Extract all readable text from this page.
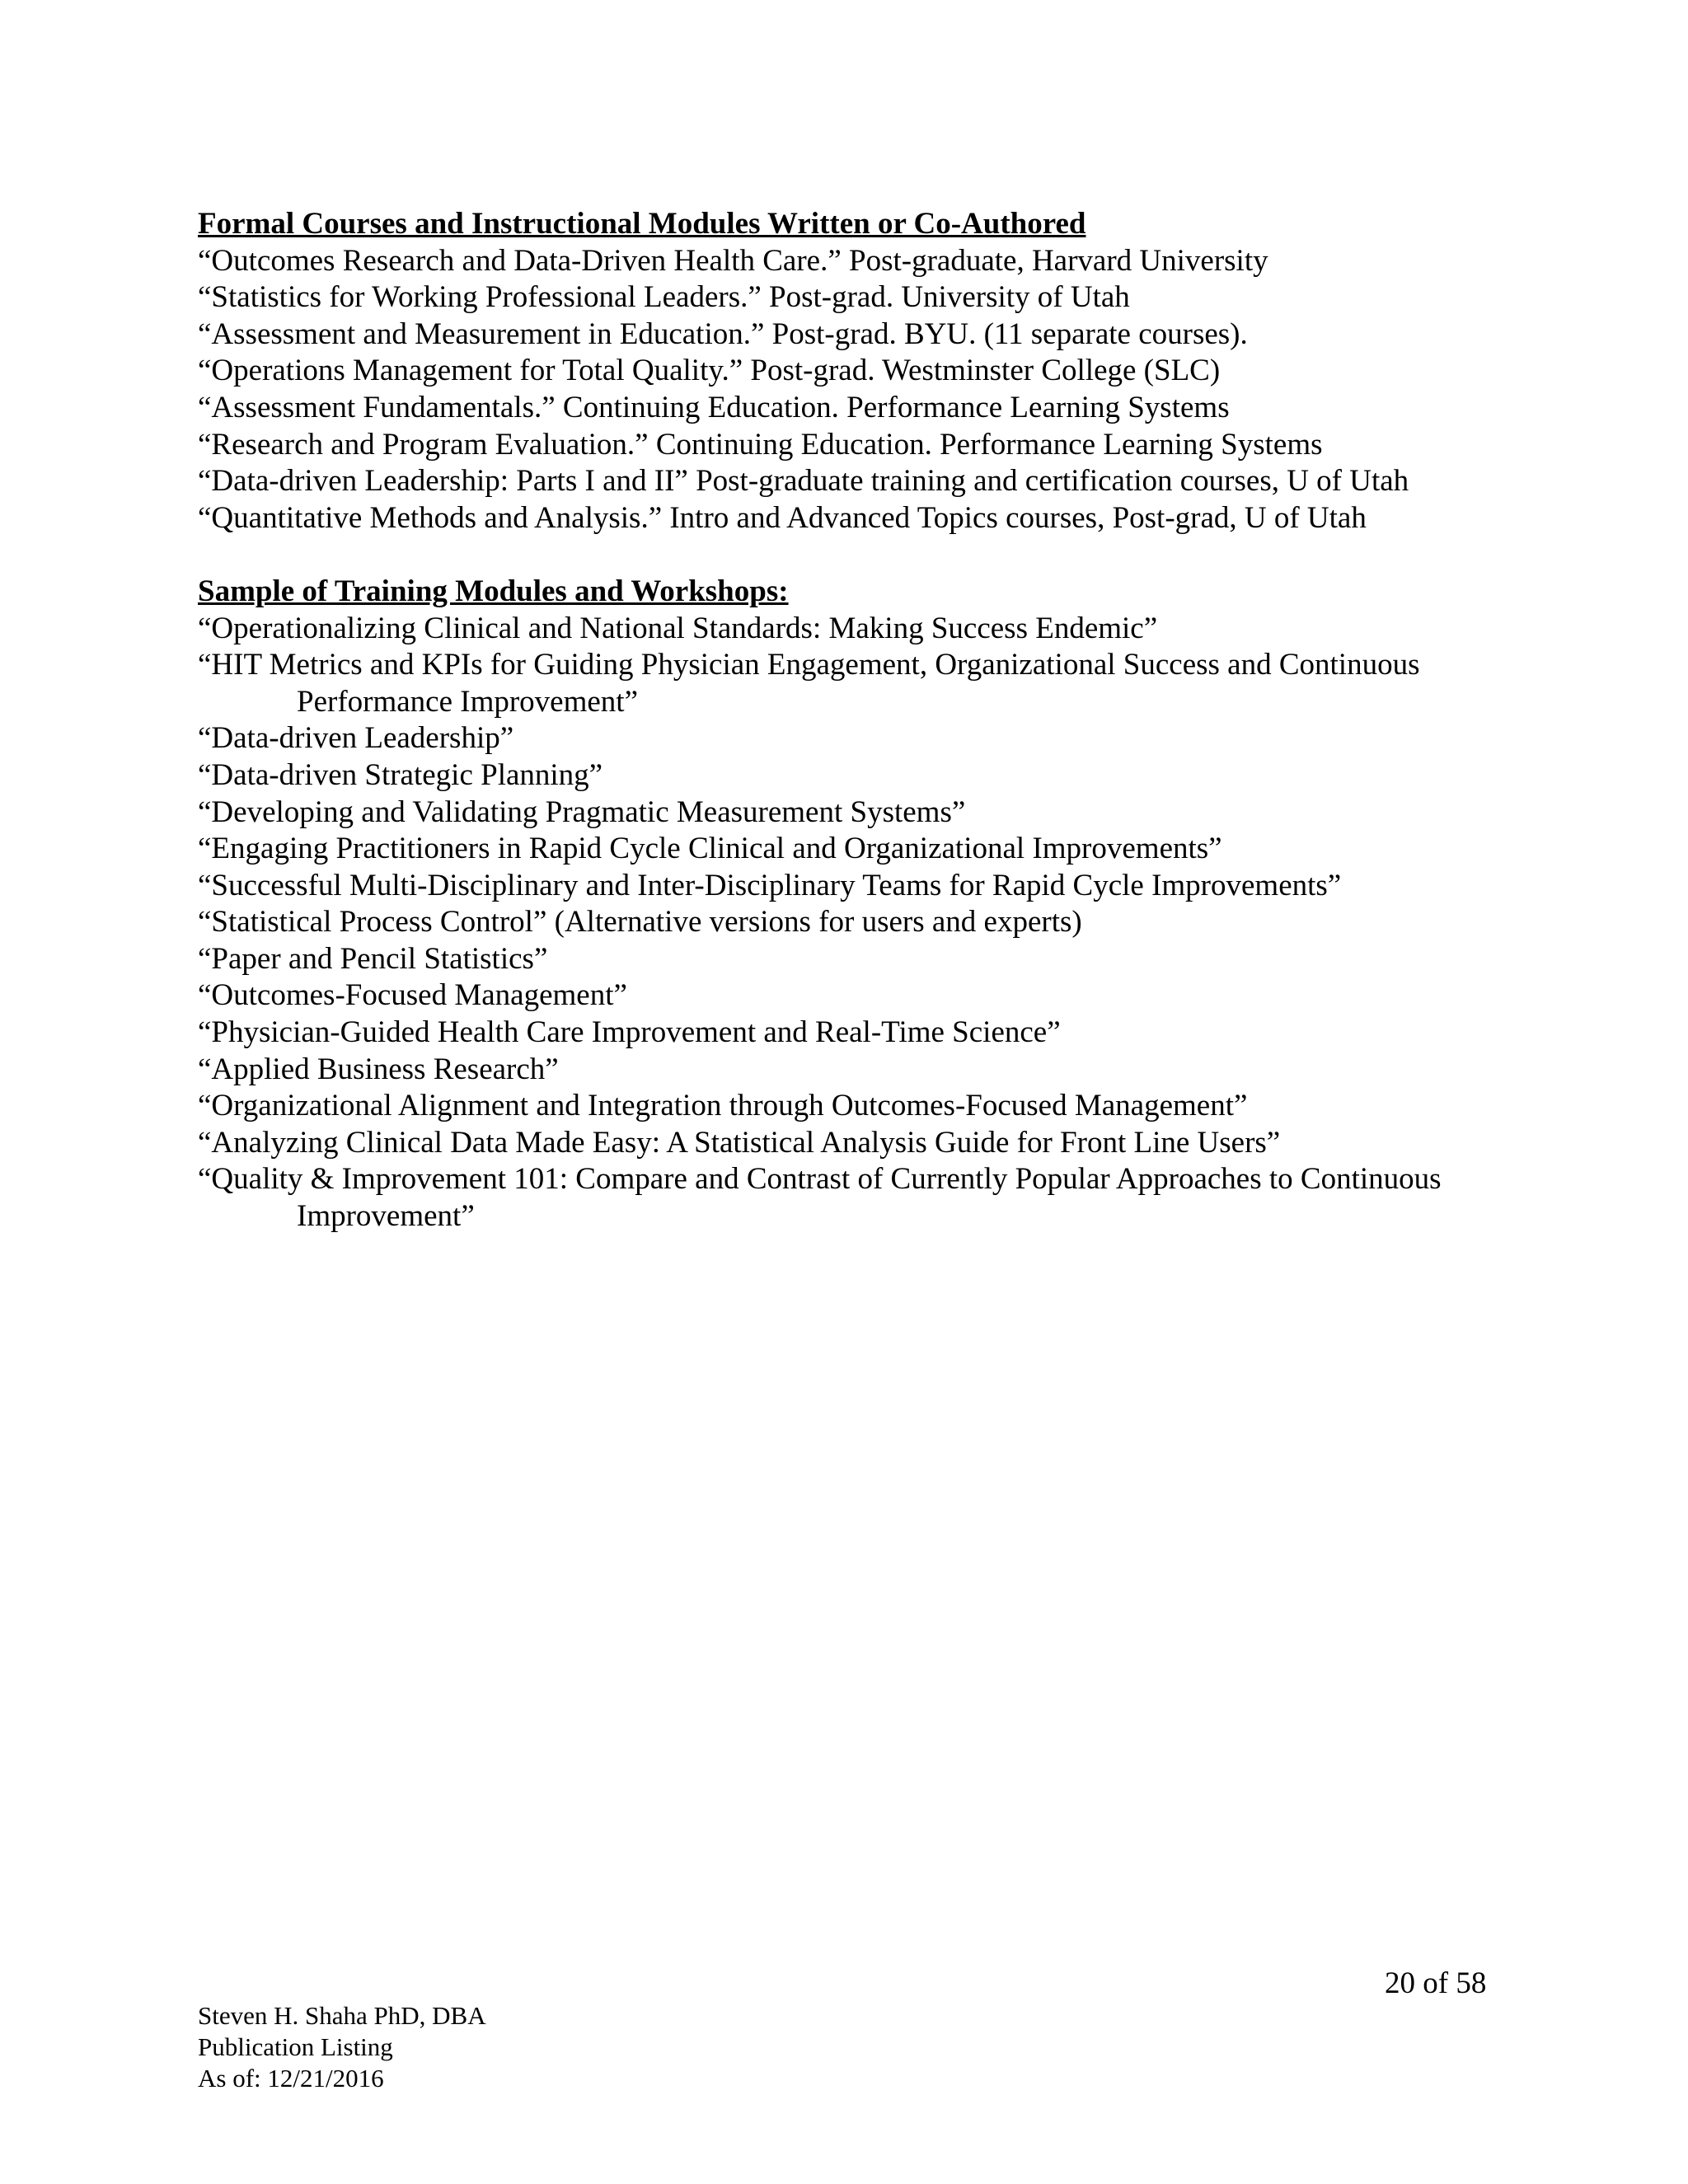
Formal Courses and Instructional Modules Written or Co-Authored

“Outcomes Research and Data-Driven Health Care.” Post-graduate, Harvard University

“Statistics for Working Professional Leaders.” Post-grad. University of Utah

“Assessment and Measurement in Education.” Post-grad. BYU. (11 separate courses).

“Operations Management for Total Quality.” Post-grad. Westminster College (SLC)

“Assessment Fundamentals.” Continuing Education. Performance Learning Systems

“Research and Program Evaluation.” Continuing Education. Performance Learning Systems

“Data-driven Leadership: Parts I and II” Post-graduate training and certification courses, U of Utah

“Quantitative Methods and Analysis.” Intro and Advanced Topics courses, Post-grad, U of Utah

Sample of Training Modules and Workshops:

“Operationalizing Clinical and National Standards: Making Success Endemic”

“HIT Metrics and KPIs for Guiding Physician Engagement, Organizational Success and Continuous Performance Improvement”

“Data-driven Leadership”

“Data-driven Strategic Planning”

“Developing and Validating Pragmatic Measurement Systems”

“Engaging Practitioners in Rapid Cycle Clinical and Organizational Improvements”

“Successful Multi-Disciplinary and Inter-Disciplinary Teams for Rapid Cycle Improvements”

“Statistical Process Control” (Alternative versions for users and experts)

“Paper and Pencil Statistics”

“Outcomes-Focused Management”

“Physician-Guided Health Care Improvement and Real-Time Science”

“Applied Business Research”

“Organizational Alignment and Integration through Outcomes-Focused Management”

“Analyzing Clinical Data Made Easy: A Statistical Analysis Guide for Front Line Users”

“Quality & Improvement 101: Compare and Contrast of Currently Popular Approaches to Continuous Improvement”

20 of 58
Steven H. Shaha PhD, DBA
Publication Listing
As of: 12/21/2016
